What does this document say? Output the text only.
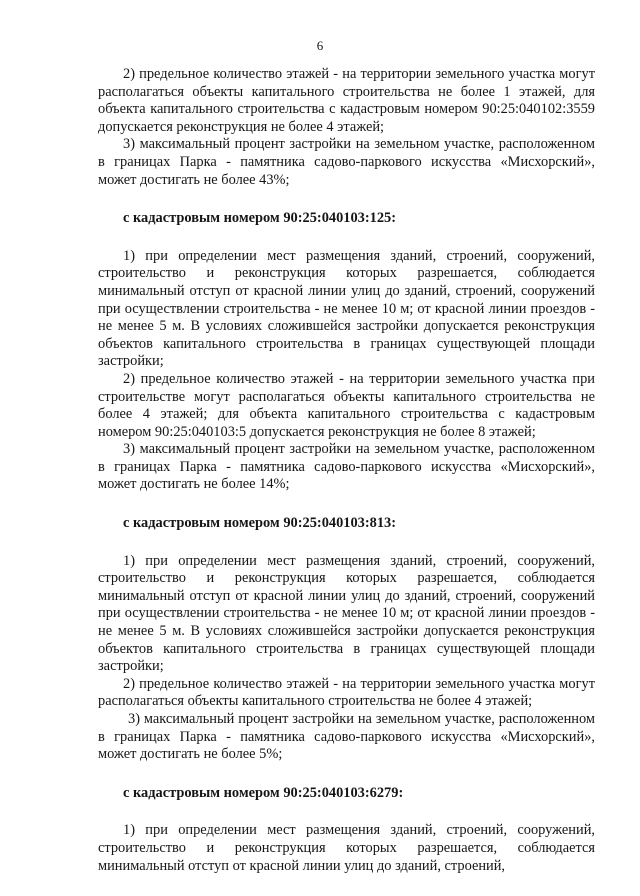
6

2) предельное количество этажей - на территории земельного участка могут располагаться объекты капитального строительства не более 1 этажей, для объекта капитального строительства с кадастровым номером 90:25:040102:3559 допускается реконструкция не более 4 этажей;

3) максимальный процент застройки на земельном участке, расположенном в границах Парка - памятника садово-паркового искусства «Мисхорский», может достигать не более 43%;

с кадастровым номером 90:25:040103:125:

1) при определении мест размещения зданий, строений, сооружений, строительство и реконструкция которых разрешается, соблюдается минимальный отступ от красной линии улиц до зданий, строений, сооружений при осуществлении строительства - не менее 10 м; от красной линии проездов - не менее 5 м. В условиях сложившейся застройки допускается реконструкция объектов капитального строительства в границах существующей площади застройки;

2) предельное количество этажей - на территории земельного участка при строительстве могут располагаться объекты капитального строительства не более 4 этажей; для объекта капитального строительства с кадастровым номером 90:25:040103:5 допускается реконструкция не более 8 этажей;

3) максимальный процент застройки на земельном участке, расположенном в границах Парка - памятника садово-паркового искусства «Мисхорский», может достигать не более 14%;

с кадастровым номером 90:25:040103:813:

1) при определении мест размещения зданий, строений, сооружений, строительство и реконструкция которых разрешается, соблюдается минимальный отступ от красной линии улиц до зданий, строений, сооружений при осуществлении строительства - не менее 10 м; от красной линии проездов - не менее 5 м. В условиях сложившейся застройки допускается реконструкция объектов капитального строительства в границах существующей площади застройки;

2) предельное количество этажей - на территории земельного участка могут располагаться объекты капитального строительства не более 4 этажей;

3) максимальный процент застройки на земельном участке, расположенном в границах Парка - памятника садово-паркового искусства «Мисхорский», может достигать не более 5%;

с кадастровым номером 90:25:040103:6279:

1) при определении мест размещения зданий, строений, сооружений, строительство и реконструкция которых разрешается, соблюдается минимальный отступ от красной линии улиц до зданий, строений,
